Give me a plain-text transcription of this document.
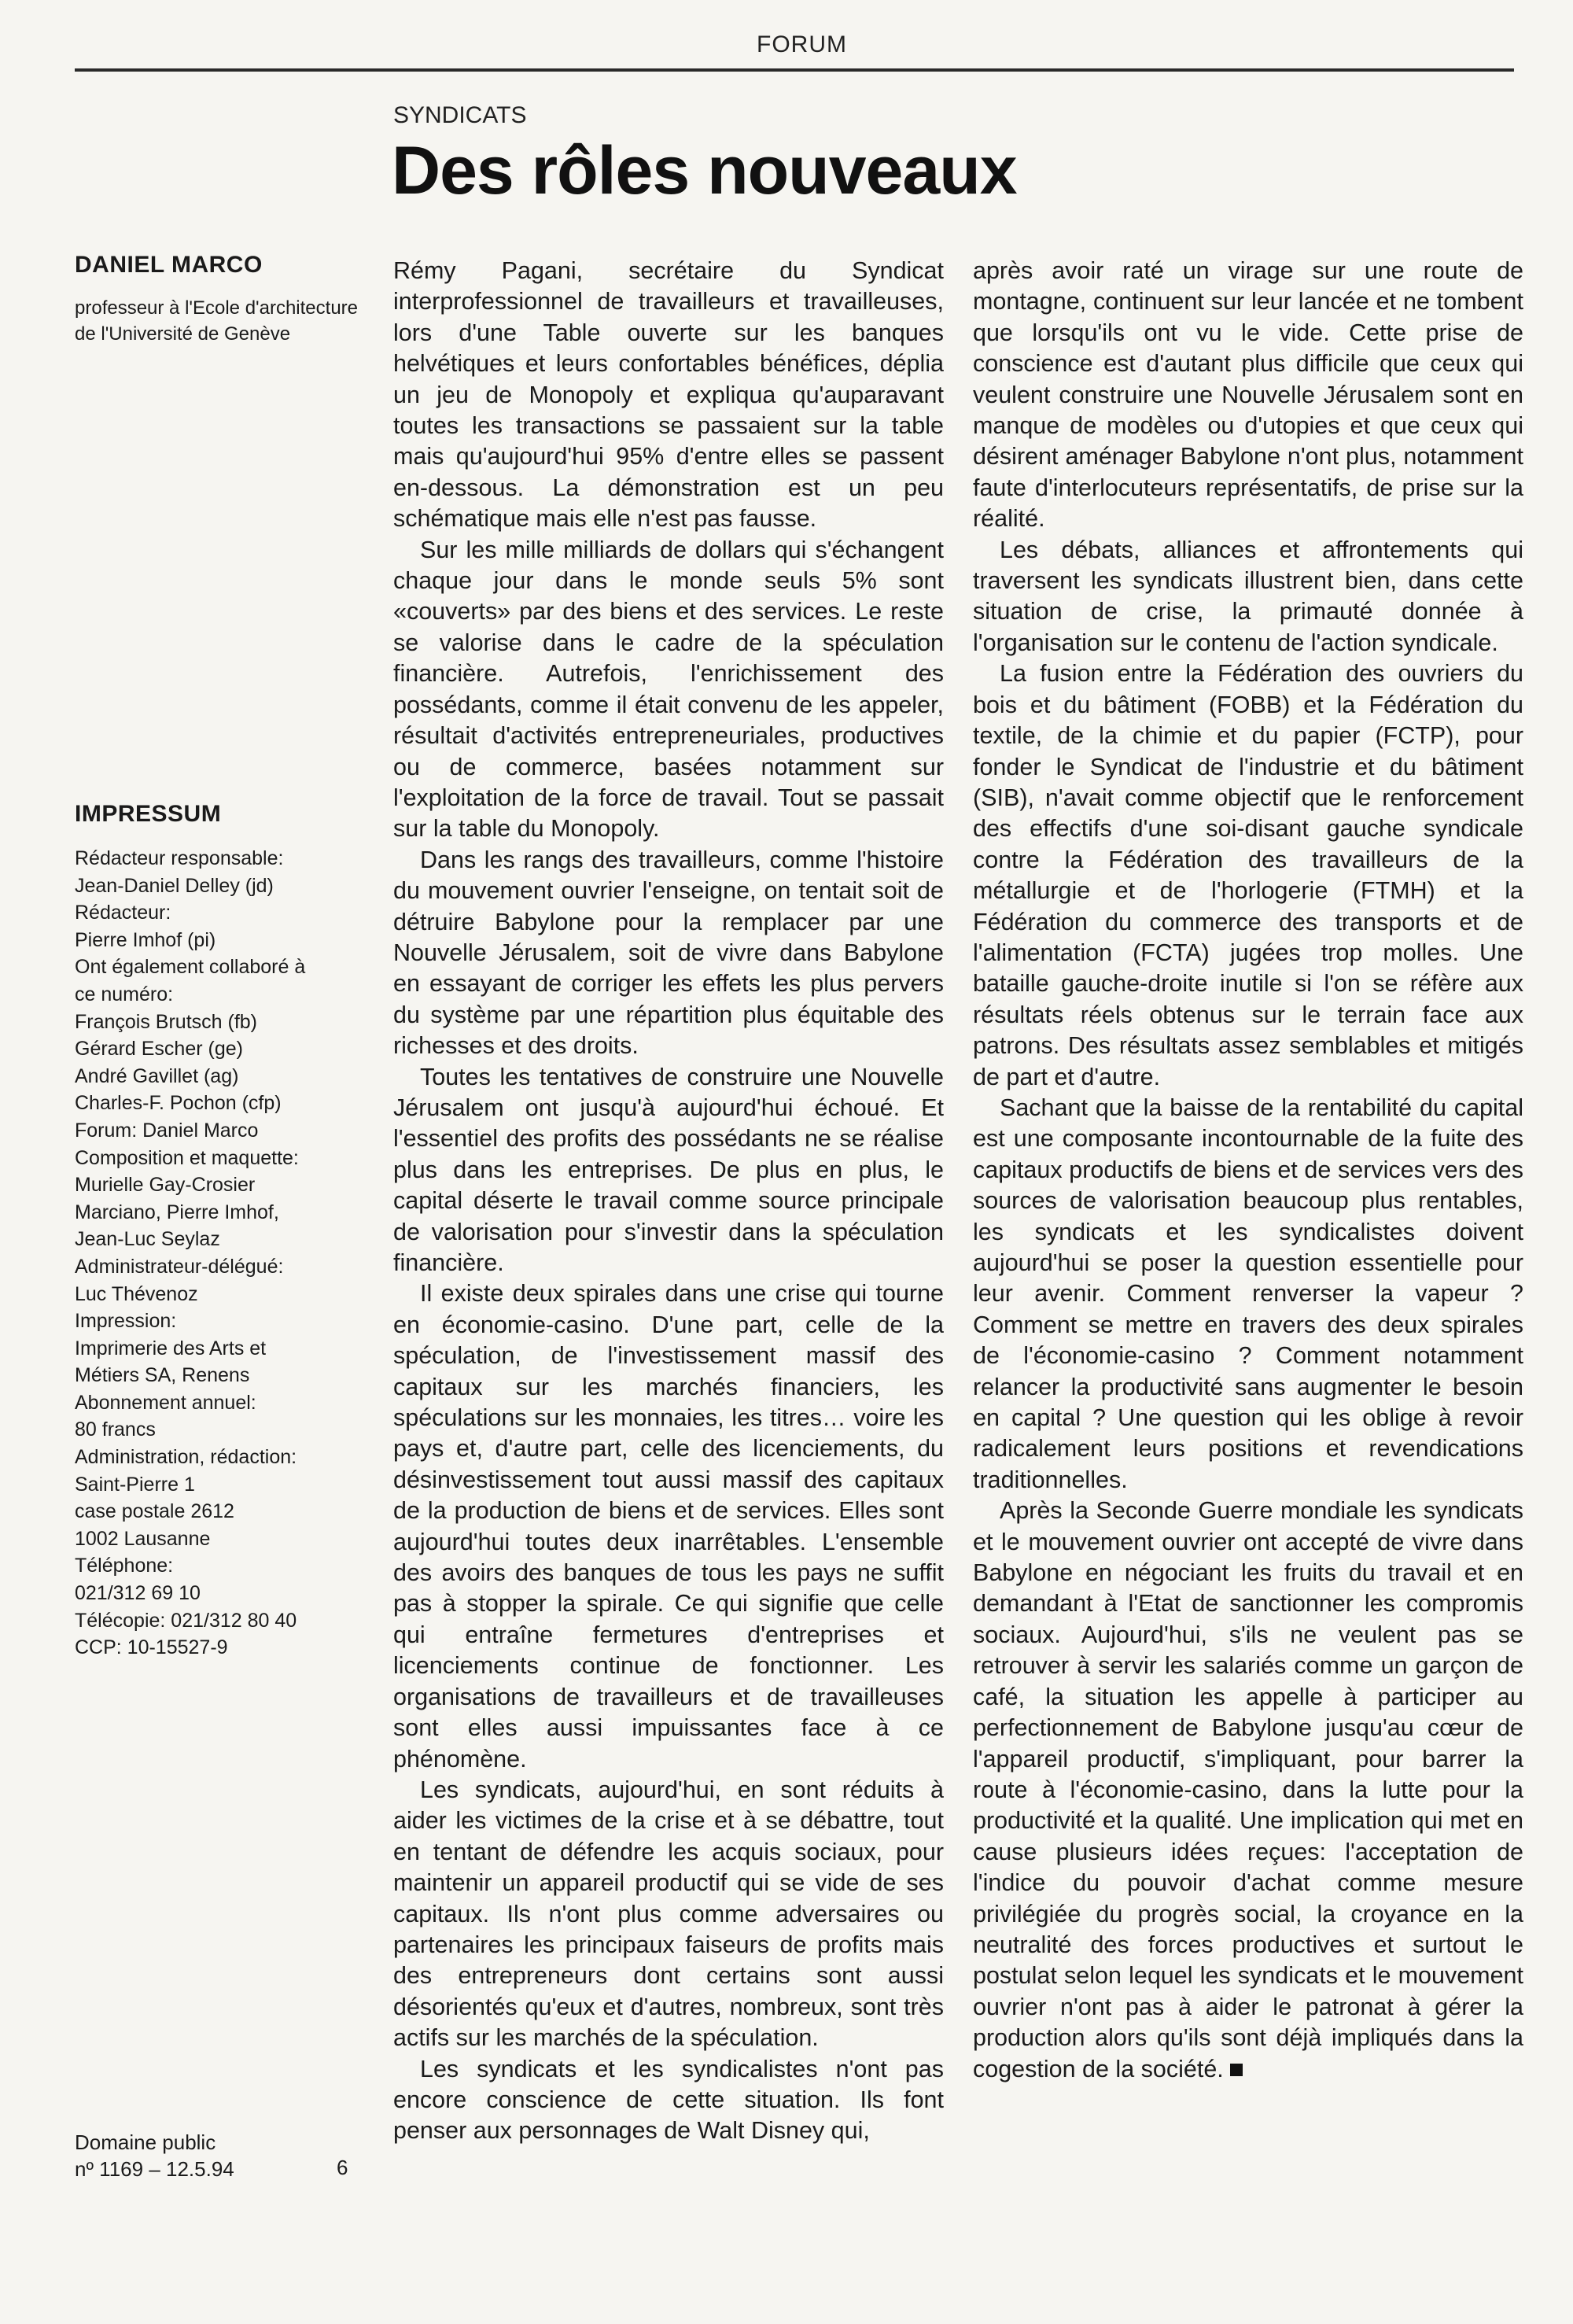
FORUM
SYNDICATS
Des rôles nouveaux
DANIEL MARCO
professeur à l'Ecole d'architecture de l'Université de Genève
IMPRESSUM
Rédacteur responsable:
Jean-Daniel Delley (jd)
Rédacteur:
Pierre Imhof (pi)
Ont également collaboré à
ce numéro:
François Brutsch (fb)
Gérard Escher (ge)
André Gavillet (ag)
Charles-F. Pochon (cfp)
Forum: Daniel Marco
Composition et maquette:
Murielle Gay-Crosier
Marciano, Pierre Imhof,
Jean-Luc Seylaz
Administrateur-délégué:
Luc Thévenoz
Impression:
Imprimerie des Arts et
Métiers SA, Renens
Abonnement annuel:
80 francs
Administration, rédaction:
Saint-Pierre 1
case postale 2612
1002 Lausanne
Téléphone:
021/312 69 10
Télécopie: 021/312 80 40
CCP: 10-15527-9
Domaine public
nº 1169 – 12.5.94	6

Rémy Pagani, secrétaire du Syndicat interprofessionnel de travailleurs et travailleuses, lors d'une Table ouverte sur les banques helvétiques et leurs confortables bénéfices, déplia un jeu de Monopoly et expliqua qu'auparavant toutes les transactions se passaient sur la table mais qu'aujourd'hui 95% d'entre elles se passent en-dessous. La démonstration est un peu schématique mais elle n'est pas fausse.

Sur les mille milliards de dollars qui s'échangent chaque jour dans le monde seuls 5% sont «couverts» par des biens et des services. Le reste se valorise dans le cadre de la spéculation financière. Autrefois, l'enrichissement des possédants, comme il était convenu de les appeler, résultait d'activités entrepreneuriales, productives ou de commerce, basées notamment sur l'exploitation de la force de travail. Tout se passait sur la table du Monopoly.

Dans les rangs des travailleurs, comme l'histoire du mouvement ouvrier l'enseigne, on tentait soit de détruire Babylone pour la remplacer par une Nouvelle Jérusalem, soit de vivre dans Babylone en essayant de corriger les effets les plus pervers du système par une répartition plus équitable des richesses et des droits.

Toutes les tentatives de construire une Nouvelle Jérusalem ont jusqu'à aujourd'hui échoué. Et l'essentiel des profits des possédants ne se réalise plus dans les entreprises. De plus en plus, le capital déserte le travail comme source principale de valorisation pour s'investir dans la spéculation financière.

Il existe deux spirales dans une crise qui tourne en économie-casino. D'une part, celle de la spéculation, de l'investissement massif des capitaux sur les marchés financiers, les spéculations sur les monnaies, les titres… voire les pays et, d'autre part, celle des licenciements, du désinvestissement tout aussi massif des capitaux de la production de biens et de services. Elles sont aujourd'hui toutes deux inarrêtables. L'ensemble des avoirs des banques de tous les pays ne suffit pas à stopper la spirale. Ce qui signifie que celle qui entraîne fermetures d'entreprises et licenciements continue de fonctionner. Les organisations de travailleurs et de travailleuses sont elles aussi impuissantes face à ce phénomène.

Les syndicats, aujourd'hui, en sont réduits à aider les victimes de la crise et à se débattre, tout en tentant de défendre les acquis sociaux, pour maintenir un appareil productif qui se vide de ses capitaux. Ils n'ont plus comme adversaires ou partenaires les principaux faiseurs de profits mais des entrepreneurs dont certains sont aussi désorientés qu'eux et d'autres, nombreux, sont très actifs sur les marchés de la spéculation.

Les syndicats et les syndicalistes n'ont pas encore conscience de cette situation. Ils font penser aux personnages de Walt Disney qui,

après avoir raté un virage sur une route de montagne, continuent sur leur lancée et ne tombent que lorsqu'ils ont vu le vide. Cette prise de conscience est d'autant plus difficile que ceux qui veulent construire une Nouvelle Jérusalem sont en manque de modèles ou d'utopies et que ceux qui désirent aménager Babylone n'ont plus, notamment faute d'interlocuteurs représentatifs, de prise sur la réalité.

Les débats, alliances et affrontements qui traversent les syndicats illustrent bien, dans cette situation de crise, la primauté donnée à l'organisation sur le contenu de l'action syndicale.

La fusion entre la Fédération des ouvriers du bois et du bâtiment (FOBB) et la Fédération du textile, de la chimie et du papier (FCTP), pour fonder le Syndicat de l'industrie et du bâtiment (SIB), n'avait comme objectif que le renforcement des effectifs d'une soi-disant gauche syndicale contre la Fédération des travailleurs de la métallurgie et de l'horlogerie (FTMH) et la Fédération du commerce des transports et de l'alimentation (FCTA) jugées trop molles. Une bataille gauche-droite inutile si l'on se réfère aux résultats réels obtenus sur le terrain face aux patrons. Des résultats assez semblables et mitigés de part et d'autre.

Sachant que la baisse de la rentabilité du capital est une composante incontournable de la fuite des capitaux productifs de biens et de services vers des sources de valorisation beaucoup plus rentables, les syndicats et les syndicalistes doivent aujourd'hui se poser la question essentielle pour leur avenir. Comment renverser la vapeur ? Comment se mettre en travers des deux spirales de l'économie-casino ? Comment notamment relancer la productivité sans augmenter le besoin en capital ? Une question qui les oblige à revoir radicalement leurs positions et revendications traditionnelles.

Après la Seconde Guerre mondiale les syndicats et le mouvement ouvrier ont accepté de vivre dans Babylone en négociant les fruits du travail et en demandant à l'Etat de sanctionner les compromis sociaux. Aujourd'hui, s'ils ne veulent pas se retrouver à servir les salariés comme un garçon de café, la situation les appelle à participer au perfectionnement de Babylone jusqu'au cœur de l'appareil productif, s'impliquant, pour barrer la route à l'économie-casino, dans la lutte pour la productivité et la qualité. Une implication qui met en cause plusieurs idées reçues: l'acceptation de l'indice du pouvoir d'achat comme mesure privilégiée du progrès social, la croyance en la neutralité des forces productives et surtout le postulat selon lequel les syndicats et le mouvement ouvrier n'ont pas à aider le patronat à gérer la production alors qu'ils sont déjà impliqués dans la cogestion de la société.
